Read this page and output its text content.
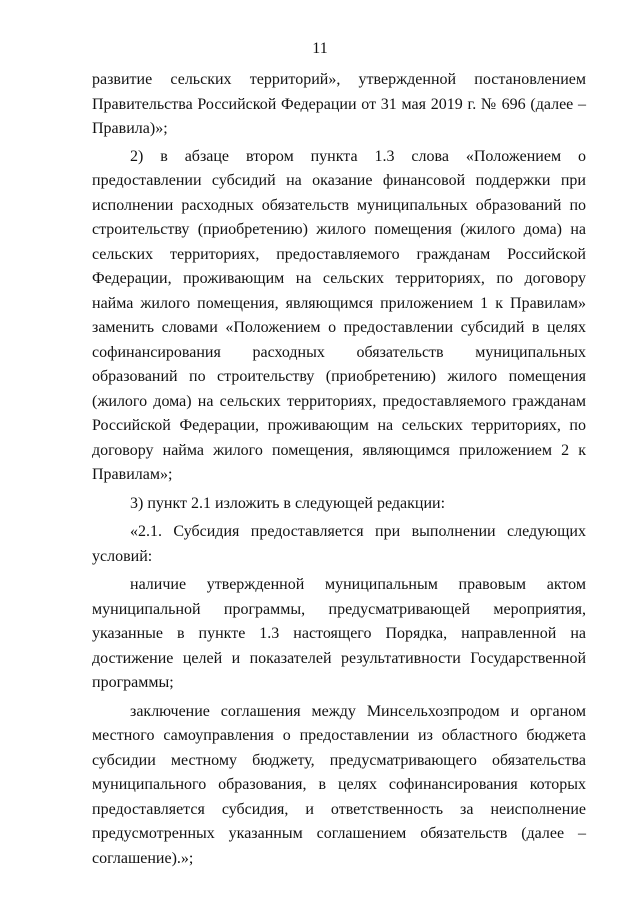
11

развитие сельских территорий», утвержденной постановлением Правительства Российской Федерации от 31 мая 2019 г. № 696 (далее – Правила)»;

2) в абзаце втором пункта 1.3 слова «Положением о предоставлении субсидий на оказание финансовой поддержки при исполнении расходных обязательств муниципальных образований по строительству (приобретению) жилого помещения (жилого дома) на сельских территориях, предоставляемого гражданам Российской Федерации, проживающим на сельских территориях, по договору найма жилого помещения, являющимся приложением 1 к Правилам» заменить словами «Положением о предоставлении субсидий в целях софинансирования расходных обязательств муниципальных образований по строительству (приобретению) жилого помещения (жилого дома) на сельских территориях, предоставляемого гражданам Российской Федерации, проживающим на сельских территориях, по договору найма жилого помещения, являющимся приложением 2 к Правилам»;

3) пункт 2.1 изложить в следующей редакции:

«2.1. Субсидия предоставляется при выполнении следующих условий:

наличие утвержденной муниципальным правовым актом муниципальной программы, предусматривающей мероприятия, указанные в пункте 1.3 настоящего Порядка, направленной на достижение целей и показателей результативности Государственной программы;

заключение соглашения между Минсельхозпродом и органом местного самоуправления о предоставлении из областного бюджета субсидии местному бюджету, предусматривающего обязательства муниципального образования, в целях софинансирования которых предоставляется субсидия, и ответственность за неисполнение предусмотренных указанным соглашением обязательств (далее – соглашение).»;
